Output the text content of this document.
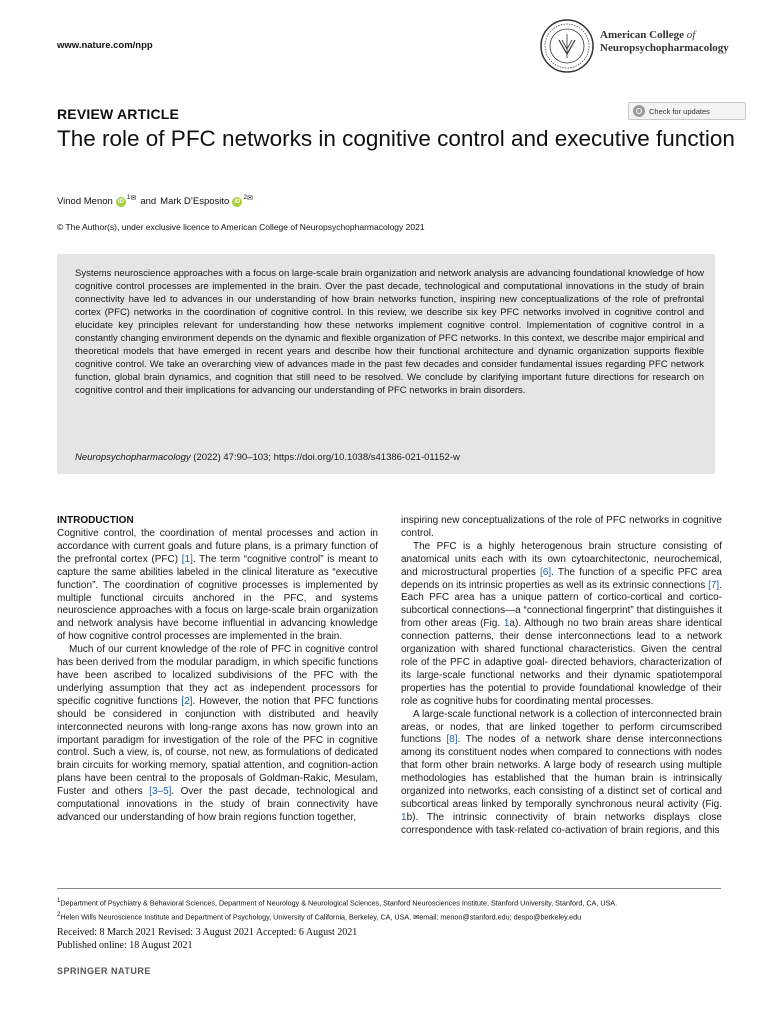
www.nature.com/npp
American College of
Neuropsychopharmacology
REVIEW ARTICLE	Check for updates
The role of PFC networks in cognitive control and executive function
Vinod Menon iD
1 ✉ and Mark D’Esposito iD
2 ✉
© The Author(s), under exclusive licence to American College of Neuropsychopharmacology 2021
Systems neuroscience approaches with a focus on large-scale brain organization and network analysis are advancing foundational knowledge of how cognitive control processes are implemented in the brain. Over the past decade, technological and computational innovations in the study of brain connectivity have led to advances in our understanding of how brain networks function, inspiring new conceptualizations of the role of prefrontal cortex (PFC) networks in the coordination of cognitive control. In this review, we describe six key PFC networks involved in cognitive control and elucidate key principles relevant for understanding how these networks implement cognitive control. Implementation of cognitive control in a constantly changing environment depends on the dynamic and flexible organization of PFC networks. In this context, we describe major empirical and theoretical models that have emerged in recent years and describe how their functional architecture and dynamic organization supports flexible cognitive control. We take an overarching view of advances made in the past few decades and consider fundamental issues regarding PFC network function, global brain dynamics, and cognition that still need to be resolved. We conclude by clarifying important future directions for research on cognitive control and their implications for advancing our understanding of PFC networks in brain disorders.
Neuropsychopharmacology (2022) 47:90–103; https://doi.org/10.1038/s41386-021-01152-w
INTRODUCTION

Cognitive control, the coordination of mental processes and action in accordance with current goals and future plans, is a primary function of the prefrontal cortex (PFC) [1]. The term “cognitive control” is meant to capture the same abilities labeled in the clinical literature as “executive function”. The coordination of cognitive processes is implemented by multiple functional circuits anchored in the PFC, and systems neuroscience approaches with a focus on large-scale brain organization and network analysis have become influential in advancing knowledge of how cognitive control processes are implemented in the brain.

Much of our current knowledge of the role of PFC in cognitive control has been derived from the modular paradigm, in which specific functions have been ascribed to localized subdivisions of the PFC with the underlying assumption that they act as independent processors for specific cognitive functions [2]. However, the notion that PFC functions should be considered in conjunction with distributed and heavily interconnected neurons with long-range axons has now grown into an important paradigm for investigation of the role of the PFC in cognitive control. Such a view, is, of course, not new, as formulations of dedicated brain circuits for working memory, spatial attention, and cognition-action plans have been central to the proposals of Goldman-Rakic, Mesulam, Fuster and others [3–5]. Over the past decade, technological and computational innovations in the study of brain connectivity have advanced our understanding of how brain regions function together,

inspiring new conceptualizations of the role of PFC networks in cognitive control.

The PFC is a highly heterogenous brain structure consisting of anatomical units each with its own cytoarchitectonic, neurochemical, and microstructural properties [6]. The function of a specific PFC area depends on its intrinsic properties as well as its extrinsic connections [7]. Each PFC area has a unique pattern of cortico-cortical and cortico-subcortical connections—a “connectional fingerprint” that distinguishes it from other areas (Fig. 1a). Although no two brain areas share identical connection patterns, their dense interconnections lead to a network organization with shared functional characteristics. Given the central role of the PFC in adaptive goal- directed behaviors, characterization of its large-scale functional networks and their dynamic spatiotemporal properties has the potential to provide foundational knowledge of their role as cognitive hubs for coordinating mental processes.

A large-scale functional network is a collection of interconnected brain areas, or nodes, that are linked together to perform circumscribed functions [8]. The nodes of a network share dense interconnections among its constituent nodes when compared to connections with nodes that form other brain networks. A large body of research using multiple methodologies has established that the human brain is intrinsically organized into networks, each consisting of a distinct set of cortical and subcortical areas linked by temporally synchronous neural activity (Fig. 1b). The intrinsic connectivity of brain networks displays close correspondence with task-related co-activation of brain regions, and this

$^1$Department of Psychiatry & Behavioral Sciences, Department of Neurology & Neurological Sciences, Stanford Neurosciences Institute, Stanford University, Stanford, CA, USA.
$^2$Helen Wills Neuroscience Institute and Department of Psychology, University of California, Berkeley, CA, USA. ✉email: menon@stanford.edu; despo@berkeley.edu
Received: 8 March 2021 Revised: 3 August 2021 Accepted: 6 August 2021
Published online: 18 August 2021
SPRINGER NATURE
